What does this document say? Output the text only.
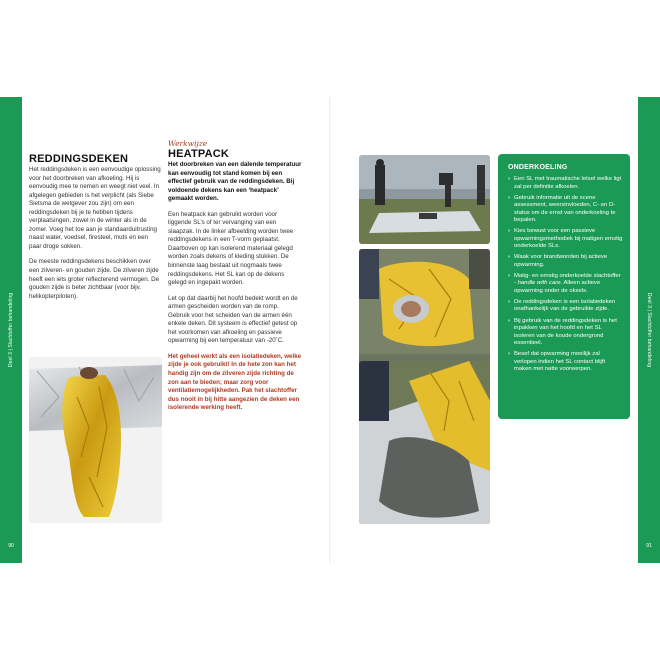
Deel 3 | Slachtoffer behandeling
90
Deel 3 | Slachtoffer behandeling
91
REDDINGSDEKEN

Het reddingsdeken is een eenvoudige oplossing voor het doorbreken van afkoeling. Hij is eenvoudig mee te nemen en weegt niet veel. In afgelegen gebieden is het verplicht (als Siebe Sietsma de wetgever zou zijn) om een reddingsdeken bij je te hebben tijdens verplaatsingen, zowel in de winter als in de zomer. Voeg het toe aan je standaarduitrusting naast water, voedsel, firesteel, muts en een paar droge sokken.

De meeste reddingsdekens beschikken over een zilveren- en gouden zijde. De zilveren zijde heeft een iets groter reflecterend vermogen. De gouden zijde is beter zichtbaar (voor bijv. helikopterpiloten).

Werkwijze

HEATPACK

Het doorbreken van een dalende temperatuur kan eenvoudig tot stand komen bij een effectief gebruik van de reddingsdeken. Bij voldoende dekens kan een ‘heatpack’ gemaakt worden.

Een heatpack kan gebruikt worden voor liggende SL’s of ter vervanging van een slaapzak. In de linker afbeelding worden twee reddingsdekens in een T-vorm geplaatst. Daarboven op kan isolerend materiaal gelegd worden zoals dekens of kleding stukken. De binnenste laag bestaat uit nogmaals twee reddingsdekens. Het SL kan op de dekens gelegd en ingepakt worden.

Let op dat daarbij het hoofd bedekt wordt en de armen gescheiden worden van de romp. Gebruik voor het scheiden van de armen één enkele deken. Dit systeem is effectief getest op het voorkomen van afkoeling en passieve opwarming bij een temperatuur van -20˚C.

Het geheel werkt als een isolatiedeken, welke zijde je ook gebruikt! In de hete zon kan het handig zijn om de zilveren zijde richting de zon aan te bieden; maar zorg voor ventilatiemogelijkheden. Pak het slachtoffer dus nooit in bij hitte aangezien de deken een isolerende werking heeft.

ONDERKOELING
› Een SL met traumatische letsel welke ligt zal per definitie afkoelen.
› Gebruik informatie uit de scene assessment, weersinvloeden, C- en D-status om de ernst van onderkoeling te bepalen.
› Kies bewust voor een passieve opwarmingsmethodiek bij matigen ernstig onderkoelde SLs.
› Waak voor brandwonden bij actieve opwarming.
› Matig- en ernstig onderkoelde slachtoffer - handle with care. Alleen actieve opwarming onder de oksels.
› De reddingsdeken is een isolatiedeken onafhankelijk van de gebruikte zijde.
› Bij gebruik van de reddingsdeken is het inpakken van het hoofd en het SL isoleren van de koude ondergrond essentieel.
› Besef dat opwarming moeilijk zal verlopen indien het SL contact blijft maken met natte voorwerpen.
